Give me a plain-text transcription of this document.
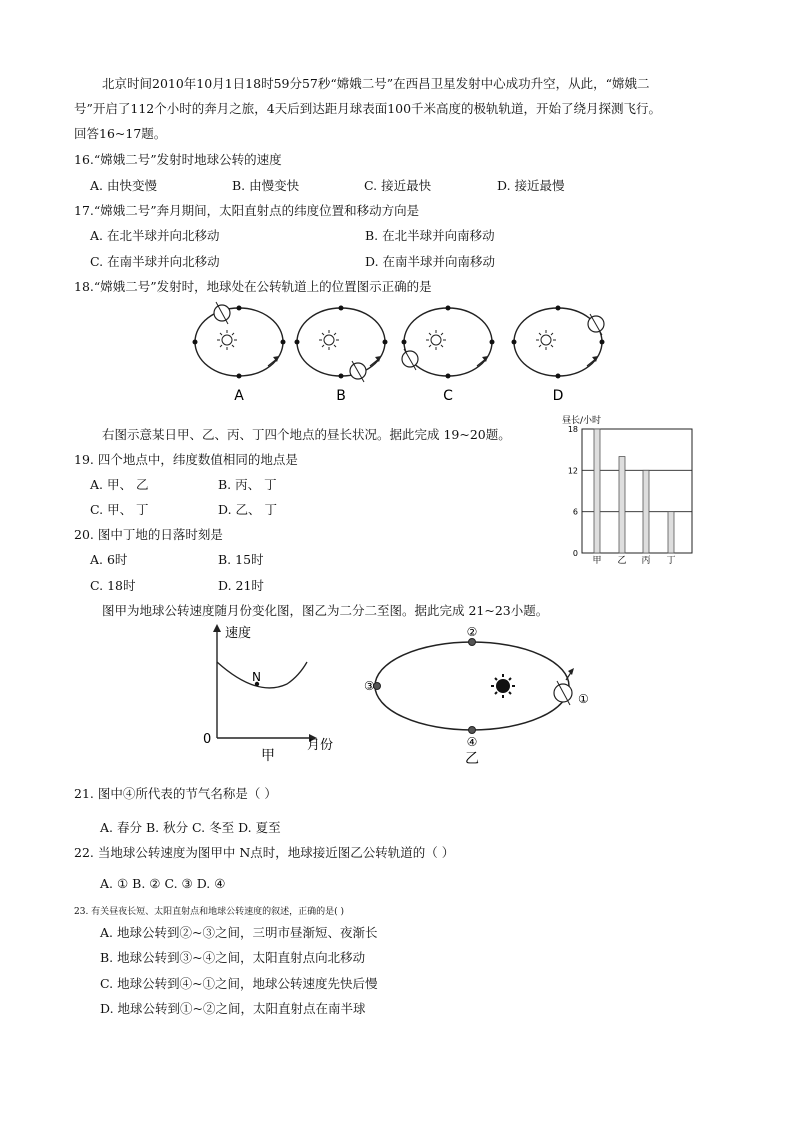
北京时间2010年10月1日18时59分57秒“嫦娥二号”在西昌卫星发射中心成功升空，从此，“嫦娥二
号”开启了112个小时的奔月之旅，4天后到达距月球表面100千米高度的极轨轨道，开始了绕月探测飞行。
回答16~17题。
16.“嫦娥二号”发射时地球公转的速度
A. 由快变慢	B. 由慢变快	C. 接近最快	D. 接近最慢
17.“嫦娥二号”奔月期间，太阳直射点的纬度位置和移动方向是
A. 在北半球并向北移动	B. 在北半球并向南移动
C. 在南半球并向北移动	D. 在南半球并向南移动
18.“嫦娥二号”发射时，地球处在公转轨道上的位置图示正确的是
A	B	C	D
右图示意某日甲、乙、丙、丁四个地点的昼长状况。据此完成 19~20题。
19. 四个地点中，纬度数值相同的地点是
A. 甲、 乙	B. 丙、 丁
C. 甲、 丁	D. 乙、 丁
20. 图中丁地的日落时刻是
A. 6时	B. 15时
C. 18时	D. 21时
昼长/小时
0
6
12
18
甲 乙 丙 丁
图甲为地球公转速度随月份变化图，图乙为二分二至图。据此完成 21~23小题。
速度
N
0
甲
月份
②
④
③
①
乙
21. 图中④所代表的节气名称是（ ）
A. 春分 B. 秋分 C. 冬至 D. 夏至
22. 当地球公转速度为图甲中 N点时，地球接近图乙公转轨道的（ ）
A. ① B. ② C. ③ D. ④
23. 有关昼夜长短、太阳直射点和地球公转速度的叙述，正确的是( )
A. 地球公转到②~③之间，三明市昼渐短、夜渐长
B. 地球公转到③~④之间，太阳直射点向北移动
C. 地球公转到④~①之间，地球公转速度先快后慢
D. 地球公转到①~②之间，太阳直射点在南半球
